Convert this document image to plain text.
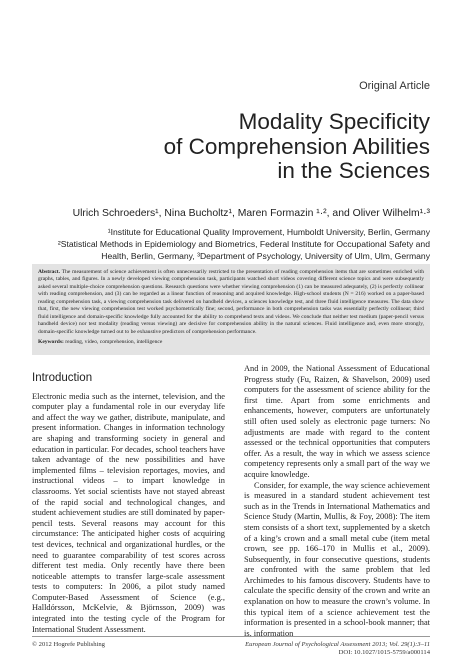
Original Article
Modality Specificity
of Comprehension Abilities
in the Sciences
Ulrich Schroeders¹, Nina Bucholtz¹, Maren Formazin ¹·², and Oliver Wilhelm¹·³
¹Institute for Educational Quality Improvement, Humboldt University, Berlin, Germany
²Statistical Methods in Epidemiology and Biometrics, Federal Institute for Occupational Safety and
Health, Berlin, Germany, ³Department of Psychology, University of Ulm, Ulm, Germany
Abstract. The measurement of science achievement is often unnecessarily restricted to the presentation of reading comprehension items that are sometimes enriched with graphs, tables, and figures. In a newly developed viewing comprehension task, participants watched short videos covering different science topics and were subsequently asked several multiple-choice comprehension questions. Research questions were whether viewing comprehension (1) can be measured adequately, (2) is perfectly collinear with reading comprehension, and (3) can be regarded as a linear function of reasoning and acquired knowledge. High-school students (N = 216) worked on a paper-based reading comprehension task, a viewing comprehension task delivered on handheld devices, a sciences knowledge test, and three fluid intelligence measures. The data show that, first, the new viewing comprehension test worked psychometrically fine; second, performance in both comprehension tasks was essentially perfectly collinear; third fluid intelligence and domain-specific knowledge fully accounted for the ability to comprehend texts and videos. We conclude that neither test medium (paper-pencil versus handheld device) nor test modality (reading versus viewing) are decisive for comprehension ability in the natural sciences. Fluid intelligence and, even more strongly, domain-specific knowledge turned out to be exhaustive predictors of comprehension performance.
Keywords: reading, video, comprehension, intelligence
Introduction

Electronic media such as the internet, television, and the computer play a fundamental role in our everyday life and affect the way we gather, distribute, manipulate, and present information. Changes in information technology are shaping and transforming society in general and education in particular. For decades, school teachers have taken advantage of the new possibilities and have implemented films – television reportages, movies, and instructional videos – to impart knowledge in classrooms. Yet social scientists have not stayed abreast of the rapid social and technological changes, and student achievement studies are still dominated by paper-pencil tests. Several reasons may account for this circumstance: The anticipated higher costs of acquiring test devices, technical and organizational hurdles, or the need to guarantee comparability of test scores across different test media. Only recently have there been noticeable attempts to transfer large-scale assessment tests to computers: In 2006, a pilot study named Computer-Based Assessment of Science (e.g., Halldórsson, McKelvie, & Björnsson, 2009) was integrated into the testing cycle of the Program for International Student Assessment.

And in 2009, the National Assessment of Educational Progress study (Fu, Raizen, & Shavelson, 2009) used computers for the assessment of science ability for the first time. Apart from some enrichments and enhancements, however, computers are unfortunately still often used solely as electronic page turners: No adjustments are made with regard to the content assessed or the technical opportunities that computers offer. As a result, the way in which we assess science competency represents only a small part of the way we acquire knowledge.

Consider, for example, the way science achievement is measured in a standard student achievement test such as in the Trends in International Mathematics and Science Study (Martin, Mullis, & Foy, 2008): The item stem consists of a short text, supplemented by a sketch of a king’s crown and a small metal cube (item metal crown, see pp. 166–170 in Mullis et al., 2009). Subsequently, in four consecutive questions, students are confronted with the same problem that led Archimedes to his famous discovery. Students have to calculate the specific density of the crown and write an explanation on how to measure the crown’s volume. In this typical item of a science achievement test the information is presented in a school-book manner; that is, information

© 2012 Hogrefe Publishing	European Journal of Psychological Assessment 2013; Vol. 29(1):3–11
DOI: 10.1027/1015-5759/a000114
